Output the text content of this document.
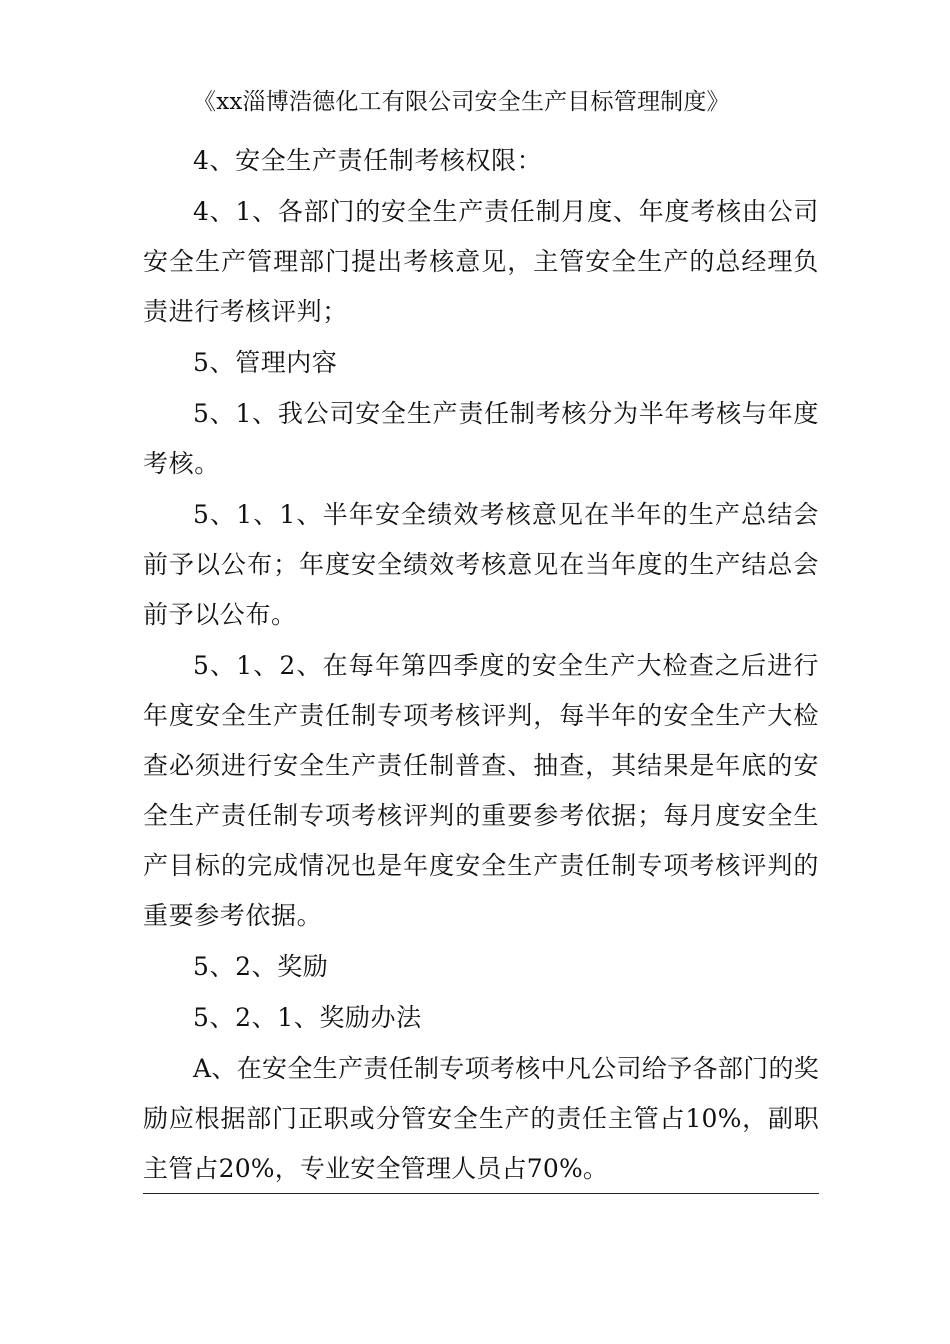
《xx淄博浩德化工有限公司安全生产目标管理制度》

4、安全生产责任制考核权限：

4、1、各部门的安全生产责任制月度、年度考核由公司安全生产管理部门提出考核意见，主管安全生产的总经理负责进行考核评判；

5、管理内容

5、1、我公司安全生产责任制考核分为半年考核与年度考核。

5、1、1、半年安全绩效考核意见在半年的生产总结会前予以公布；年度安全绩效考核意见在当年度的生产结总会前予以公布。

5、1、2、在每年第四季度的安全生产大检查之后进行年度安全生产责任制专项考核评判，每半年的安全生产大检查必须进行安全生产责任制普查、抽查，其结果是年底的安全生产责任制专项考核评判的重要参考依据；每月度安全生产目标的完成情况也是年度安全生产责任制专项考核评判的重要参考依据。

5、2、奖励

5、2、1、奖励办法

A、在安全生产责任制专项考核中凡公司给予各部门的奖励应根据部门正职或分管安全生产的责任主管占10%，副职主管占20%，专业安全管理人员占70%。
